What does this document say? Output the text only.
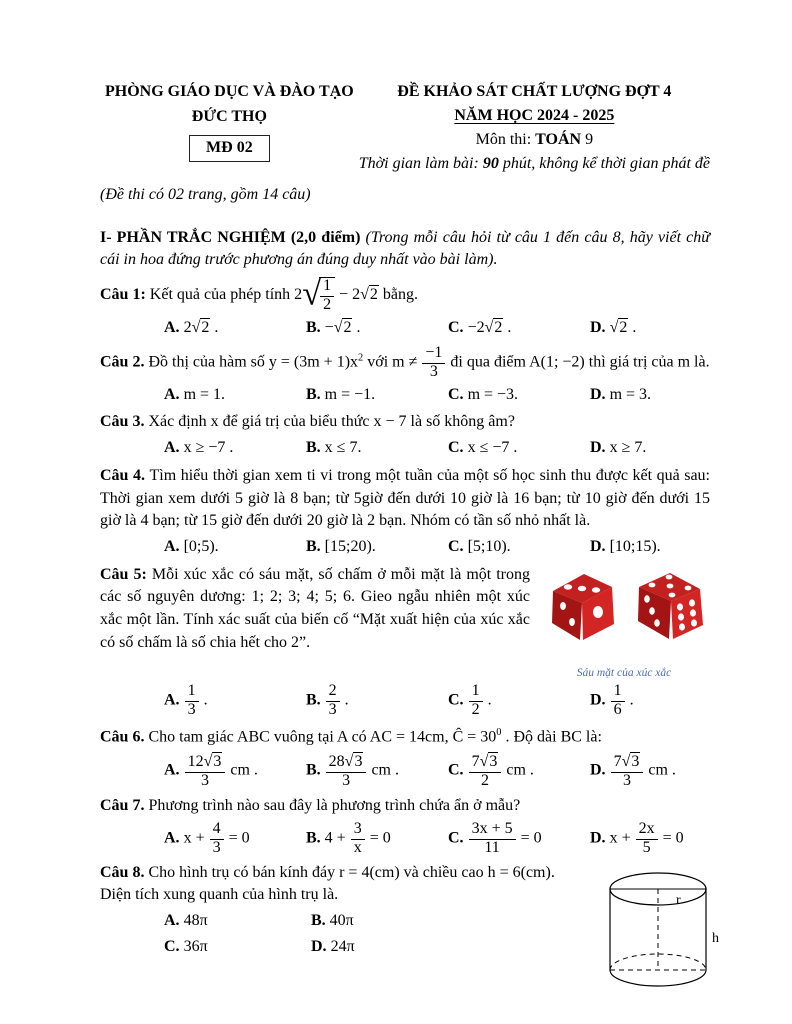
PHÒNG GIÁO DỤC VÀ ĐÀO TẠO
ĐỨC THỌ
MĐ 02
ĐỀ KHẢO SÁT CHẤT LƯỢNG ĐỢT 4
NĂM HỌC 2024 - 2025
Môn thi: TOÁN 9
Thời gian làm bài: 90 phút, không kể thời gian phát đề
(Đề thi có 02 trang, gồm 14 câu)
I- PHẦN TRẮC NGHIỆM (2,0 điểm) (Trong mỗi câu hỏi từ câu 1 đến câu 8, hãy viết chữ cái in hoa đứng trước phương án đúng duy nhất vào bài làm).
Câu 1: Kết quả của phép tính 2√
$\frac{1}{2} - 2√2$ bằng.
A. 2√2 .	B. −√2 .	C. −2√2 .	D. √2 .
Câu 2. Đồ thị của hàm số $y = (3m + 1)x^2$ với $m \ne \frac{-1}{3}$ đi qua điểm A(1; −2) thì giá trị của m là.
A. m = 1.	B. m = −1.	C. m = −3.	D. m = 3.
Câu 3. Xác định x để giá trị của biểu thức x − 7 là số không âm?
A. x ≥ −7 .	B. x ≤ 7.	C. x ≤ −7 .	D. x ≥ 7.
Câu 4. Tìm hiểu thời gian xem ti vi trong một tuần của một số học sinh thu được kết quả sau: Thời gian xem dưới 5 giờ là 8 bạn; từ 5giờ đến dưới 10 giờ là 16 bạn; từ 10 giờ đến dưới 15 giờ là 4 bạn; từ 15 giờ đến dưới 20 giờ là 2 bạn. Nhóm có tần số nhỏ nhất là.
A. [0;5).	B. [15;20).	C. [5;10).	D. [10;15).
Sáu mặt của xúc xắc
Câu 5: Mỗi xúc xắc có sáu mặt, số chấm ở mỗi mặt là một trong các số nguyên dương: 1; 2; 3; 4; 5; 6. Gieo ngẫu nhiên một xúc xắc một lần. Tính xác suất của biến cố “Mặt xuất hiện của xúc xắc có số chấm là số chia hết cho 2”.
A. $\frac{1}{3}$ .	B. $\frac{2}{3}$ .	C. $\frac{1}{2}$ .	D. $\frac{1}{6}$ .
Câu 6. Cho tam giác ABC vuông tại A có AC = 14cm, Ĉ = $30^0$ . Độ dài BC là:
A. $\frac{12√3}{3}$ cm .	B. $\frac{28√3}{3}$ cm .	C. $\frac{7√3}{2}$ cm .	D. $\frac{7√3}{3}$ cm .
Câu 7. Phương trình nào sau đây là phương trình chứa ẩn ở mẫu?
A. $x + \frac{4}{3} = 0$	B. $4 + \frac{3}{x} = 0$	C. $\frac{3x + 5}{11} = 0$	D. $x + \frac{2x}{5} = 0$
r
h
Câu 8. Cho hình trụ có bán kính đáy r = 4(cm) và chiều cao h = 6(cm).
Diện tích xung quanh của hình trụ là.
A. 48π	B. 40π
C. 36π	D. 24π
